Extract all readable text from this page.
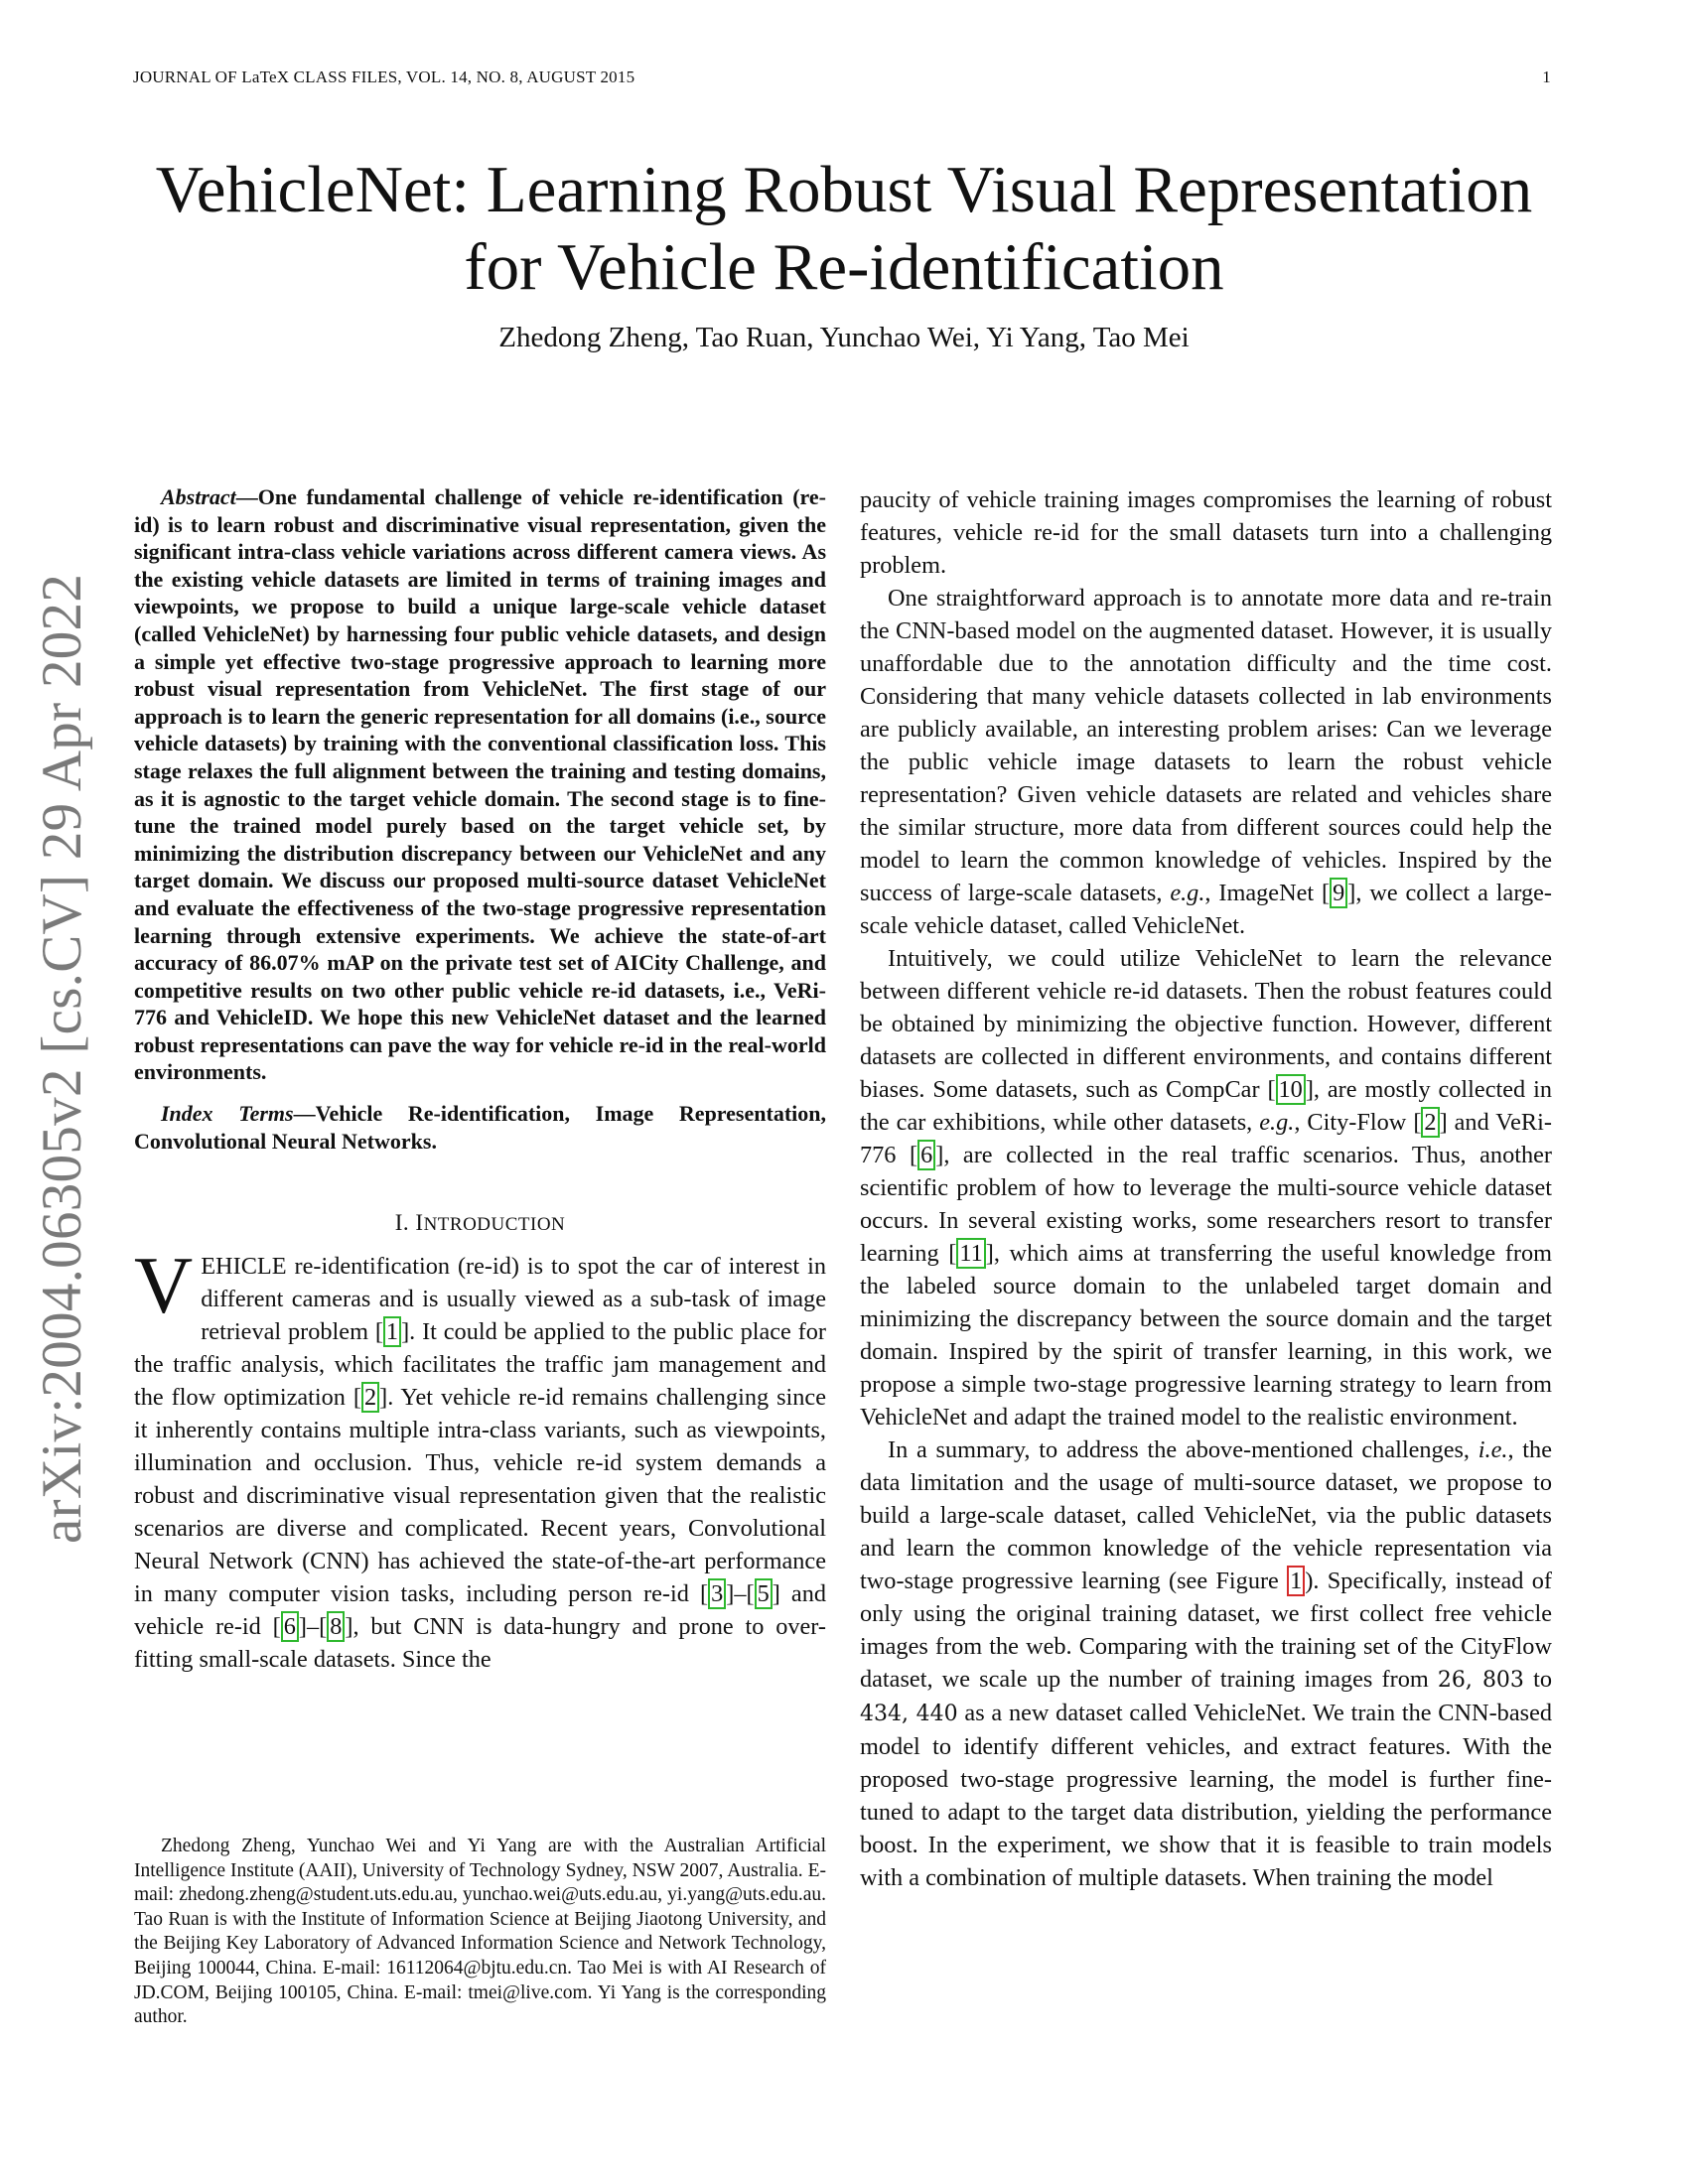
JOURNAL OF LaTeX CLASS FILES, VOL. 14, NO. 8, AUGUST 2015	1
VehicleNet: Learning Robust Visual Representation
for Vehicle Re-identification
Zhedong Zheng, Tao Ruan, Yunchao Wei, Yi Yang, Tao Mei
arXiv:2004.06305v2 [cs.CV] 29 Apr 2022

Abstract—One fundamental challenge of vehicle re-identification (re-id) is to learn robust and discriminative visual representation, given the significant intra-class vehicle variations across different camera views. As the existing vehicle datasets are limited in terms of training images and viewpoints, we propose to build a unique large-scale vehicle dataset (called VehicleNet) by harnessing four public vehicle datasets, and design a simple yet effective two-stage progressive approach to learning more robust visual representation from VehicleNet. The first stage of our approach is to learn the generic representation for all domains (i.e., source vehicle datasets) by training with the conventional classification loss. This stage relaxes the full alignment between the training and testing domains, as it is agnostic to the target vehicle domain. The second stage is to fine-tune the trained model purely based on the target vehicle set, by minimizing the distribution discrepancy between our VehicleNet and any target domain. We discuss our proposed multi-source dataset VehicleNet and evaluate the effectiveness of the two-stage progressive representation learning through extensive experiments. We achieve the state-of-art accuracy of 86.07% mAP on the private test set of AICity Challenge, and competitive results on two other public vehicle re-id datasets, i.e., VeRi-776 and VehicleID. We hope this new VehicleNet dataset and the learned robust representations can pave the way for vehicle re-id in the real-world environments.

Index Terms—Vehicle Re-identification, Image Representation, Convolutional Neural Networks.

I. INTRODUCTION

VEHICLE re-identification (re-id) is to spot the car of interest in different cameras and is usually viewed as a sub-task of image retrieval problem [ 1 ]. It could be applied to the public place for the traffic analysis, which facilitates the traffic jam management and the flow optimization [ 2 ]. Yet vehicle re-id remains challenging since it inherently contains multiple intra-class variants, such as viewpoints, illumination and occlusion. Thus, vehicle re-id system demands a robust and discriminative visual representation given that the realistic scenarios are diverse and complicated. Recent years, Convolutional Neural Network (CNN) has achieved the state-of-the-art performance in many computer vision tasks, including person re-id [ 3 ]–[ 5 ] and vehicle re-id [ 6 ]–[ 8 ], but CNN is data-hungry and prone to over-fitting small-scale datasets. Since the

Zhedong Zheng, Yunchao Wei and Yi Yang are with the Australian Artificial Intelligence Institute (AAII), University of Technology Sydney, NSW 2007, Australia. E-mail: zhedong.zheng@student.uts.edu.au, yunchao.wei@uts.edu.au, yi.yang@uts.edu.au. Tao Ruan is with the Institute of Information Science at Beijing Jiaotong University, and the Beijing Key Laboratory of Advanced Information Science and Network Technology, Beijing 100044, China. E-mail: 16112064@bjtu.edu.cn. Tao Mei is with AI Research of JD.COM, Beijing 100105, China. E-mail: tmei@live.com. Yi Yang is the corresponding author.

paucity of vehicle training images compromises the learning of robust features, vehicle re-id for the small datasets turn into a challenging problem.

One straightforward approach is to annotate more data and re-train the CNN-based model on the augmented dataset. However, it is usually unaffordable due to the annotation difficulty and the time cost. Considering that many vehicle datasets collected in lab environments are publicly available, an interesting problem arises: Can we leverage the public vehicle image datasets to learn the robust vehicle representation? Given vehicle datasets are related and vehicles share the similar structure, more data from different sources could help the model to learn the common knowledge of vehicles. Inspired by the success of large-scale datasets, e.g., ImageNet [ 9 ], we collect a large-scale vehicle dataset, called VehicleNet.

Intuitively, we could utilize VehicleNet to learn the relevance between different vehicle re-id datasets. Then the robust features could be obtained by minimizing the objective function. However, different datasets are collected in different environments, and contains different biases. Some datasets, such as CompCar [ 10 ], are mostly collected in the car exhibitions, while other datasets, e.g., City-Flow [ 2 ] and VeRi-776 [ 6 ], are collected in the real traffic scenarios. Thus, another scientific problem of how to leverage the multi-source vehicle dataset occurs. In several existing works, some researchers resort to transfer learning [ 11 ], which aims at transferring the useful knowledge from the labeled source domain to the unlabeled target domain and minimizing the discrepancy between the source domain and the target domain. Inspired by the spirit of transfer learning, in this work, we propose a simple two-stage progressive learning strategy to learn from VehicleNet and adapt the trained model to the realistic environment.

In a summary, to address the above-mentioned challenges, i.e., the data limitation and the usage of multi-source dataset, we propose to build a large-scale dataset, called VehicleNet, via the public datasets and learn the common knowledge of the vehicle representation via two-stage progressive learning (see Figure 1 ). Specifically, instead of only using the original training dataset, we first collect free vehicle images from the web. Comparing with the training set of the CityFlow dataset, we scale up the number of training images from 26, 803 to 434, 440 as a new dataset called VehicleNet. We train the CNN-based model to identify different vehicles, and extract features. With the proposed two-stage progressive learning, the model is further fine-tuned to adapt to the target data distribution, yielding the performance boost. In the experiment, we show that it is feasible to train models with a combination of multiple datasets. When training the model
